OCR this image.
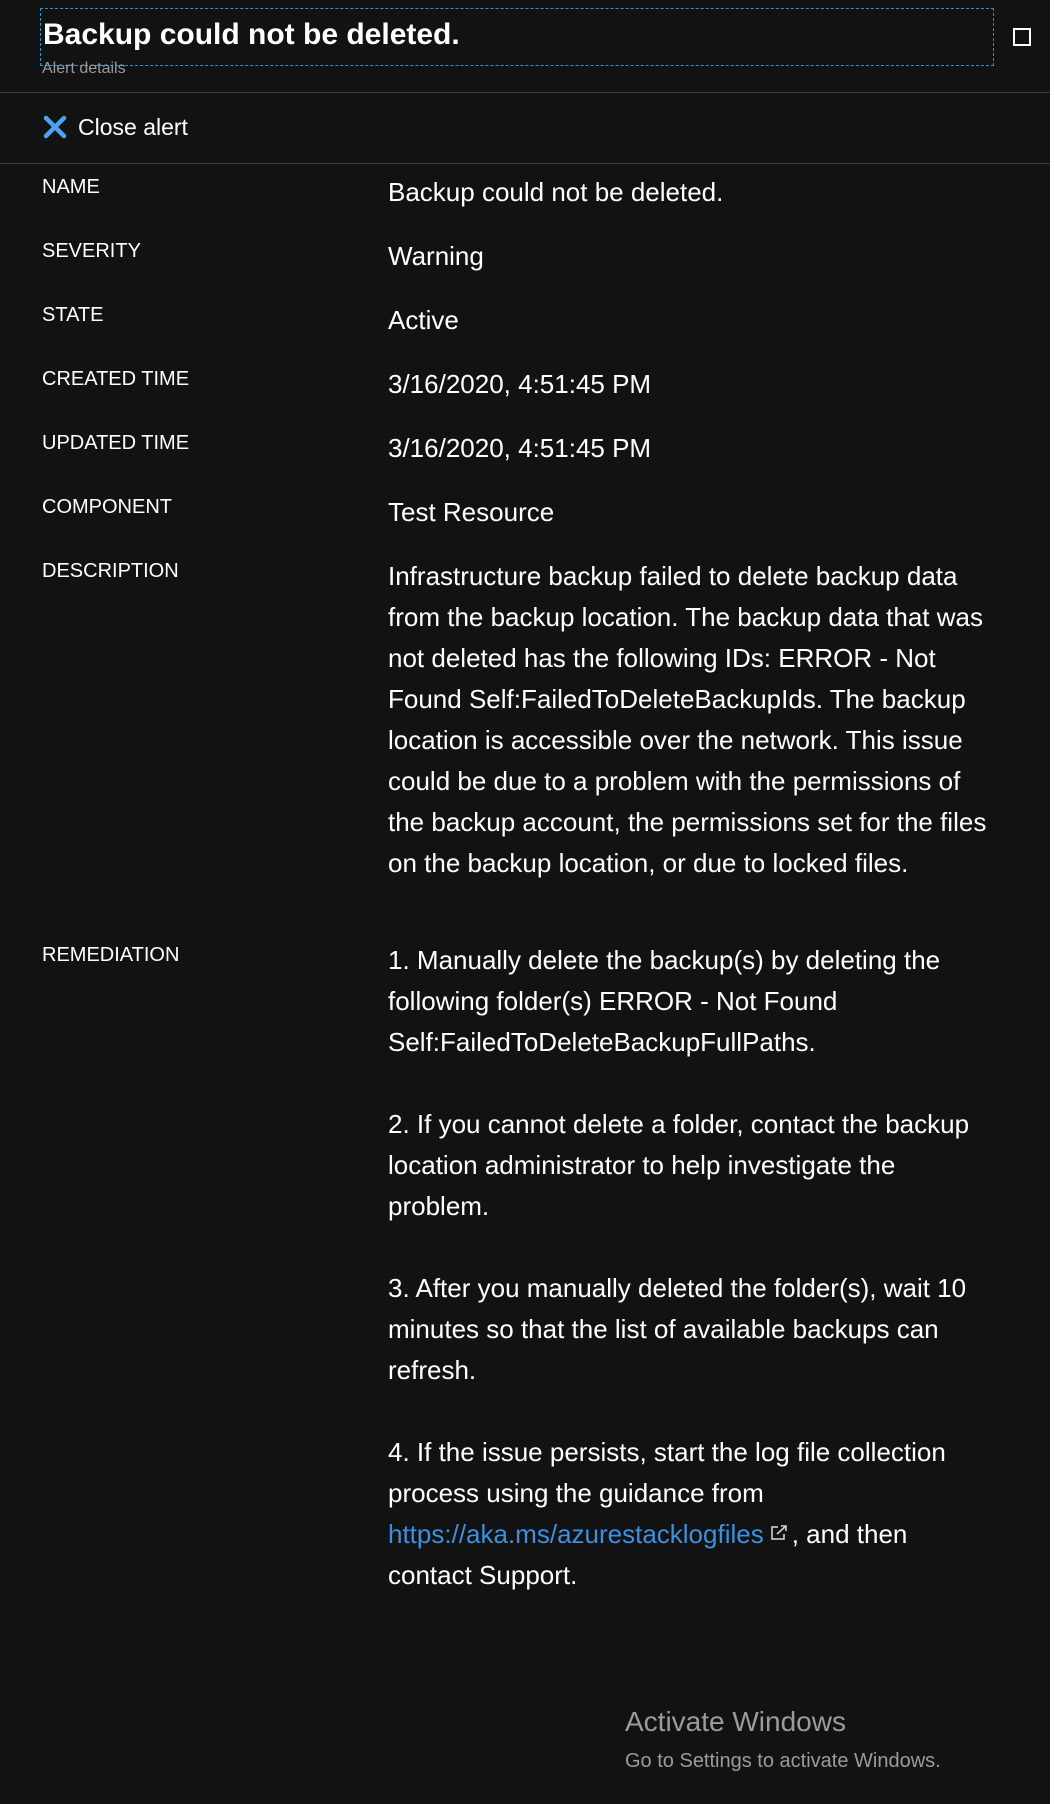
Backup could not be deleted.
Alert details
Close alert
NAME	Backup could not be deleted.
SEVERITY	Warning
STATE	Active
CREATED TIME	3/16/2020, 4:51:45 PM
UPDATED TIME	3/16/2020, 4:51:45 PM
COMPONENT	Test Resource
DESCRIPTION	Infrastructure backup failed to delete backup data from the backup location. The backup data that was not deleted has the following IDs: ERROR - Not Found Self:FailedToDeleteBackupIds. The backup location is accessible over the network. This issue could be due to a problem with the permissions of the backup account, the permissions set for the files on the backup location, or due to locked files.
REMEDIATION	1. Manually delete the backup(s) by deleting the following folder(s) ERROR - Not Found Self:FailedToDeleteBackupFullPaths.

2. If you cannot delete a folder, contact the backup location administrator to help investigate the problem.

3. After you manually deleted the folder(s), wait 10 minutes so that the list of available backups can refresh.

4. If the issue persists, start the log file collection process using the guidance from https://aka.ms/azurestacklogfiles , and then contact Support.

Activate Windows
Go to Settings to activate Windows.
